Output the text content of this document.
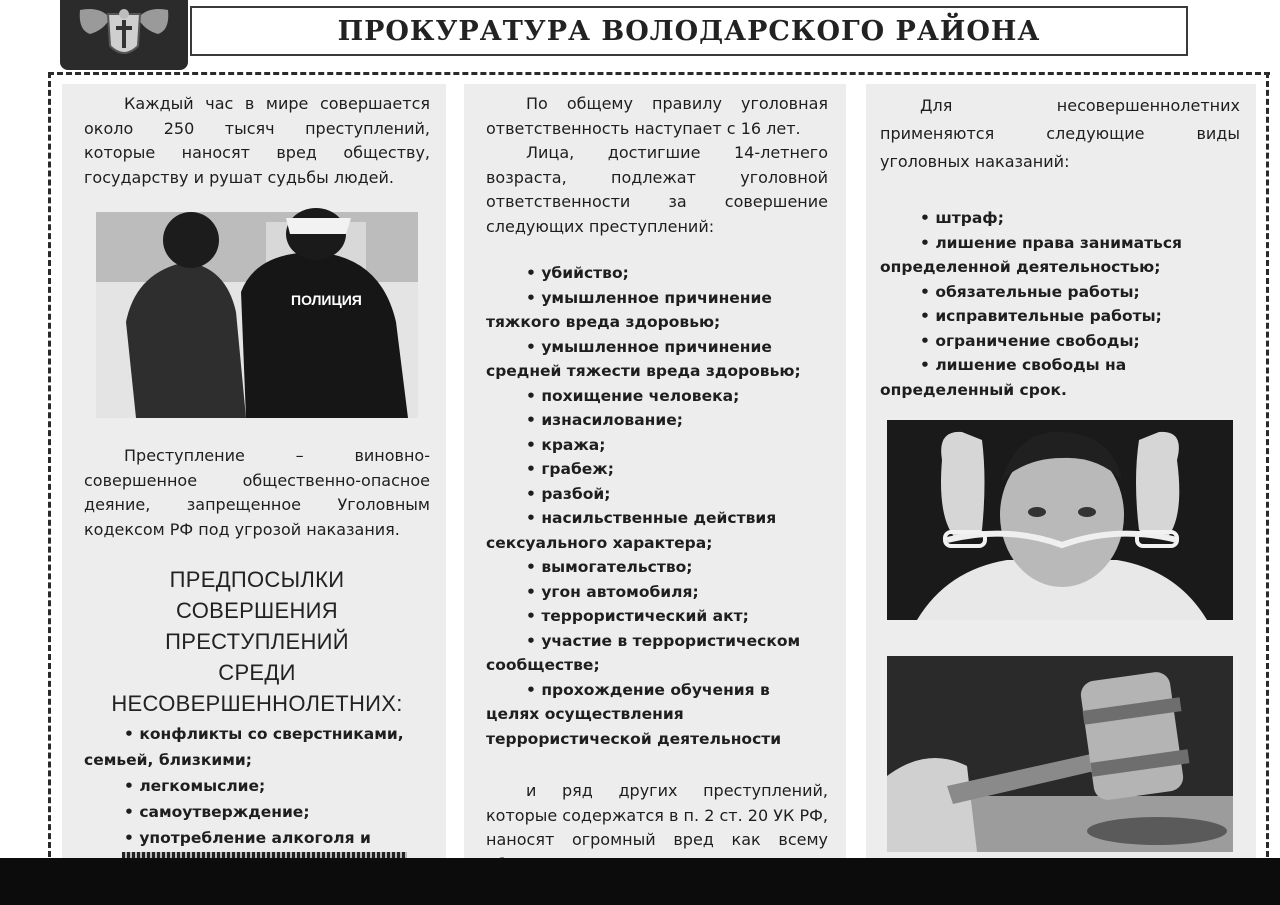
ПРОКУРАТУРА ВОЛОДАРСКОГО РАЙОНА

Каждый час в мире совершается около 250 тысяч преступлений, которые наносят вред обществу, государству и рушат судьбы людей.

ПОЛИЦИЯ

Преступление – виновно-совершенное общественно-опасное деяние, запрещенное Уголовным кодексом РФ под угрозой наказания.

ПРЕДПОСЫЛКИ
СОВЕРШЕНИЯ ПРЕСТУПЛЕНИЙ
СРЕДИ НЕСОВЕРШЕННОЛЕТНИХ:
• конфликты со сверстниками, семьей, близкими;
• легкомыслие;
• самоутверждение;
• употребление алкоголя и

По общему правилу уголовная ответственность наступает с 16 лет.

Лица, достигшие 14-летнего возраста, подлежат уголовной ответственности за совершение следующих преступлений:

• убийство;
• умышленное причинение тяжкого вреда здоровью;
• умышленное причинение средней тяжести вреда здоровью;
• похищение человека;
• изнасилование;
• кража;
• грабеж;
• разбой;
• насильственные действия сексуального характера;
• вымогательство;
• угон автомобиля;
• террористический акт;
• участие в террористическом сообществе;
• прохождение обучения в целях осуществления террористической деятельности

и ряд других преступлений, которые содержатся в п. 2 ст. 20 УК РФ, наносят огромный вред как всему

Для несовершеннолетних применяются следующие виды уголовных наказаний:

• штраф;
• лишение права заниматься определенной деятельностью;
• обязательные работы;
• исправительные работы;
• ограничение свободы;
• лишение свободы на определенный срок.
